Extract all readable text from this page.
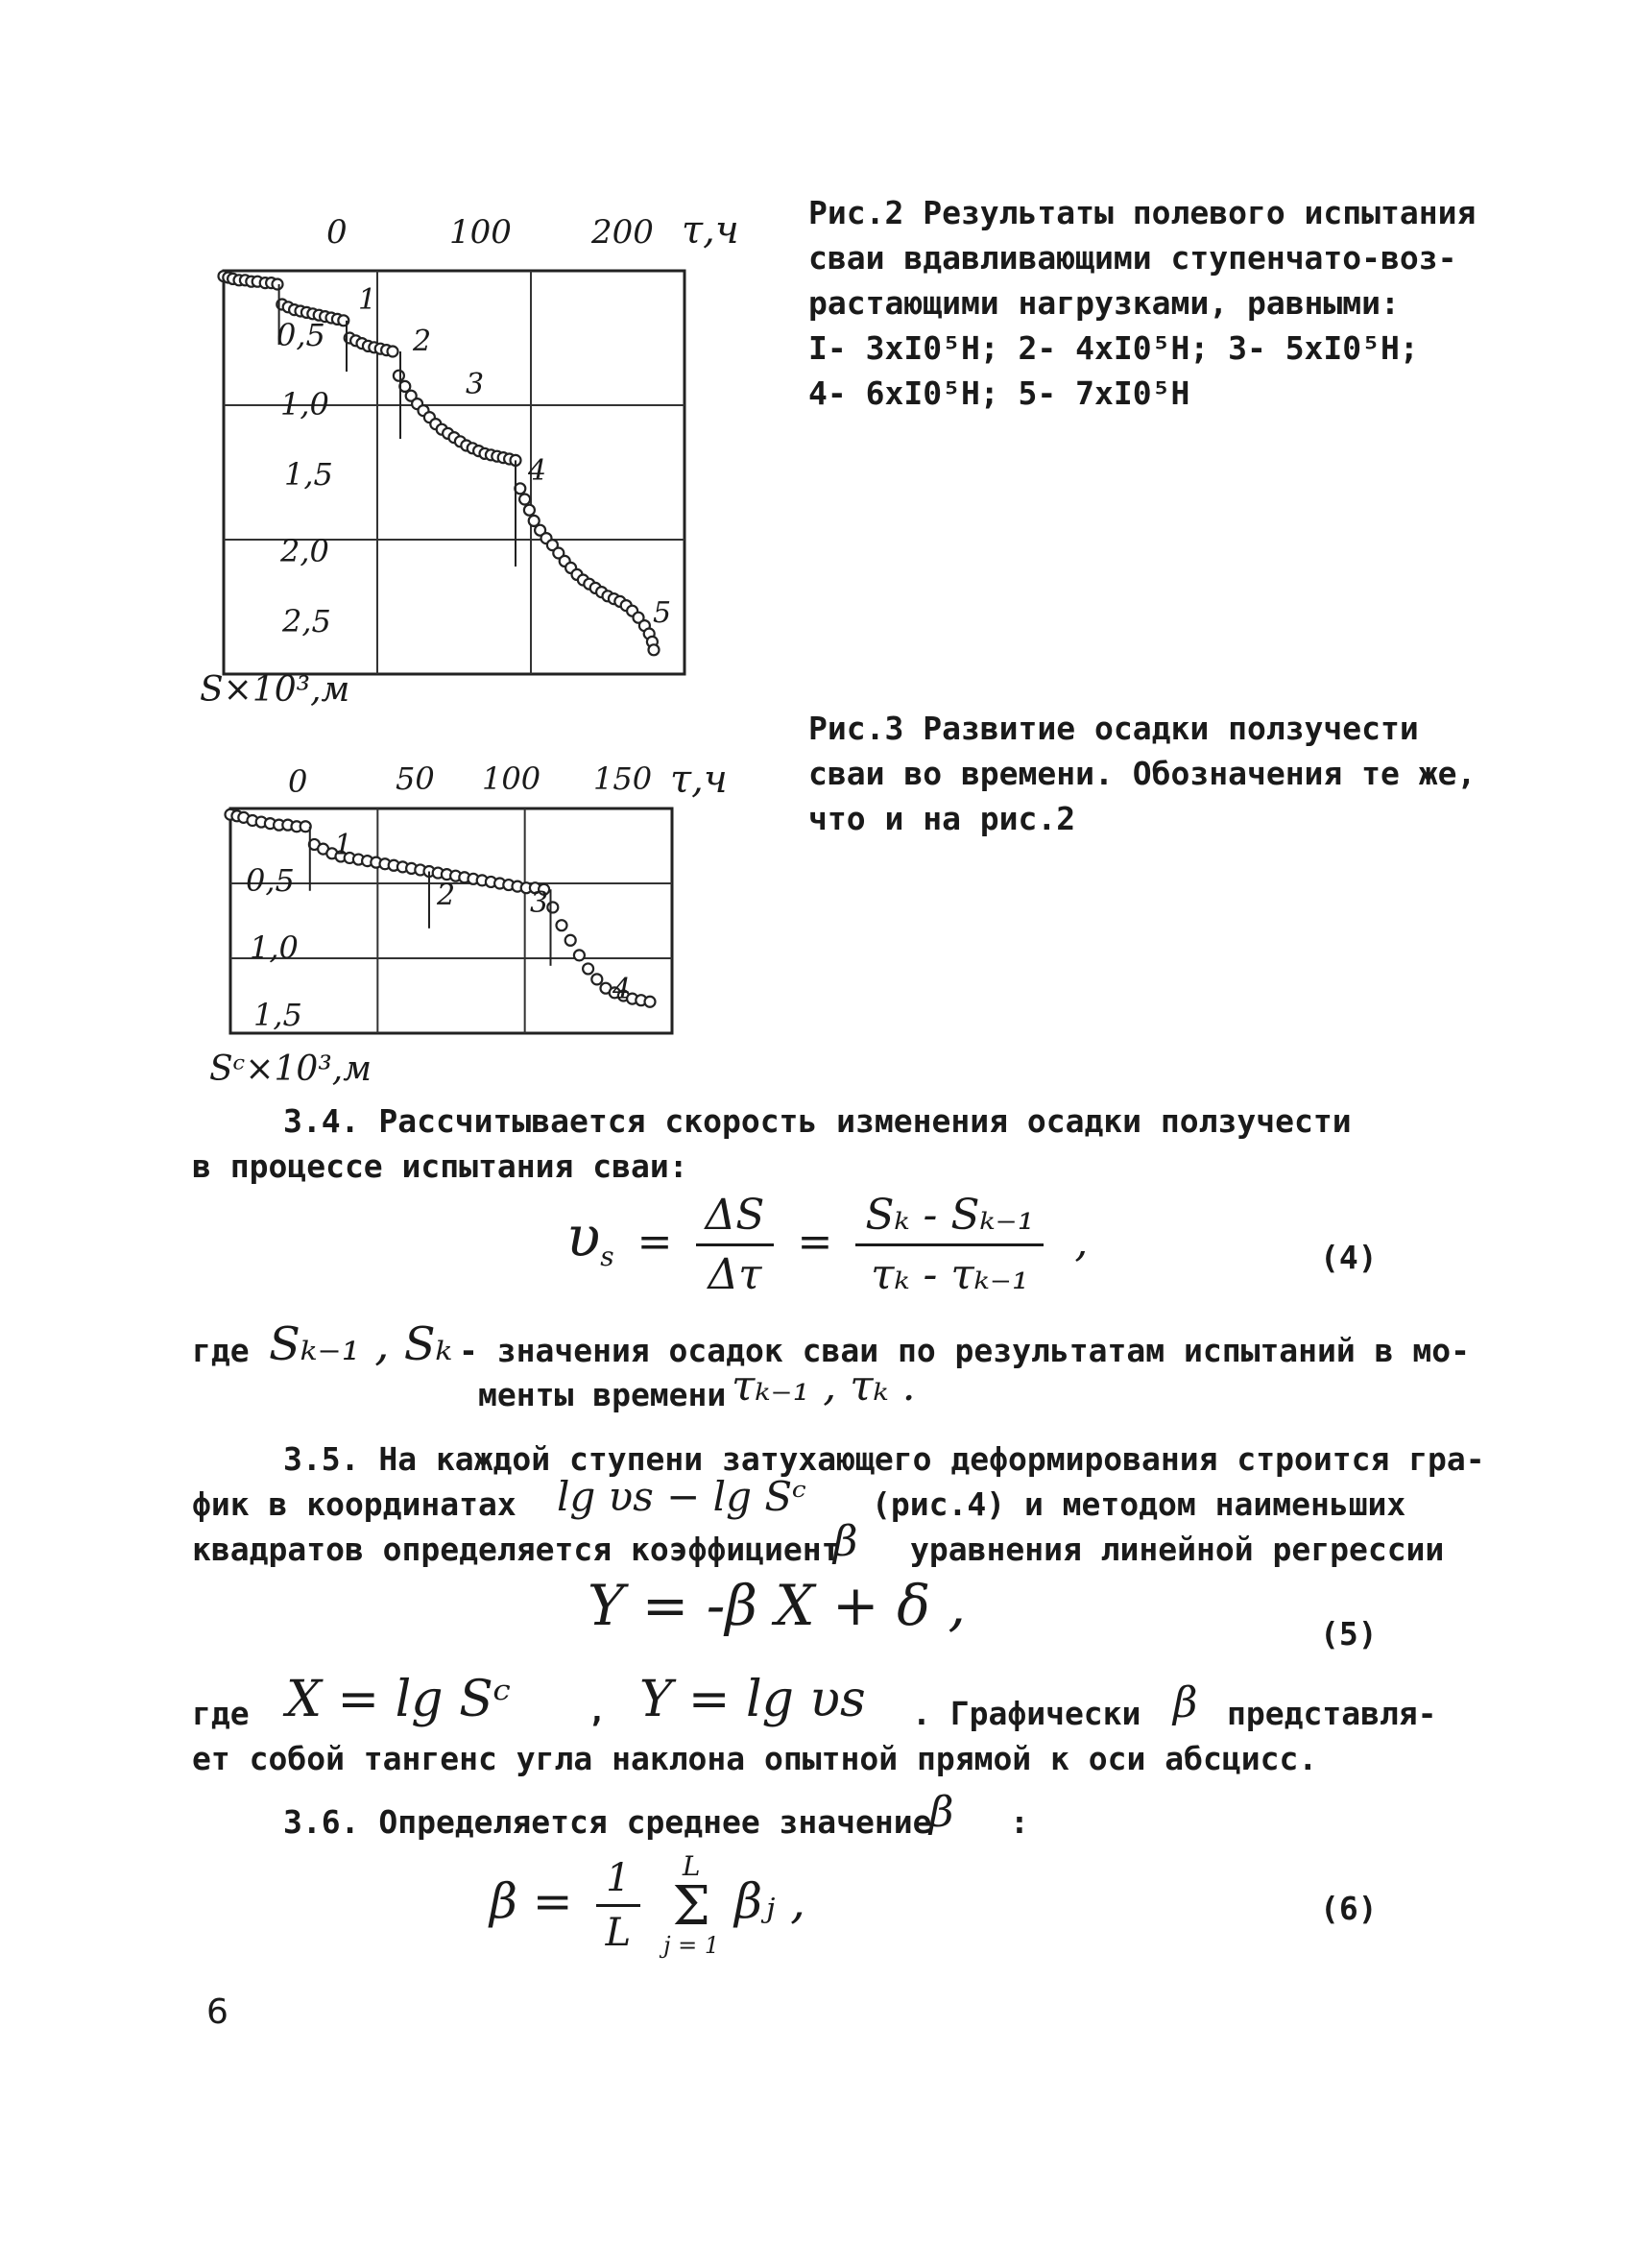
0	100 200 τ,ч
0,5
1,0
1,5
2,0
2,5
S×10³,м
1
2
3
4
5
Рис.2 Результаты полевого испытания
сваи вдавливающими ступенчато-воз-
растающими нагрузками, равными:
I- 3xI0⁵H; 2- 4xI0⁵H; 3- 5xI0⁵H;
4- 6xI0⁵H; 5- 7xI0⁵H
0	50 100 150 τ,ч
0,5
1,0
1,5
Sᶜ×10³,м
1
2	3
4
Рис.3 Развитие осадки ползучести
сваи во времени. Обозначения те же,
что и на рис.2
3.4. Рассчитывается скорость изменения осадки ползучести
в процессе испытания сваи:
$\upsilon_s = \frac{\Delta S}{\Delta\tau} = \frac{\text{Sₖ - Sₖ₋₁}}{\text{τₖ - τₖ₋₁}}$ ,	(4)
где Sₖ₋₁ , Sₖ - значения осадок сваи по результатам испытаний в мо-
менты времени τₖ₋₁ , τₖ .
3.5. На каждой ступени затухающего деформирования строится гра-
фик в координатах lg υs − lg Sᶜ (рис.4) и методом наименьших
квадратов определяется коэффициент
β уравнения линейной регрессии
Y = -β X + δ ,	(5)
где X = lg Sᶜ , Y = lg υs . Графически β представля-
ет собой тангенс угла наклона опытной прямой к оси абсцисс.
3.6. Определяется среднее значение
β :
$\beta = \frac{1}{L}$
	L
Σ
j = 1
βⱼ ,	(6)
6
